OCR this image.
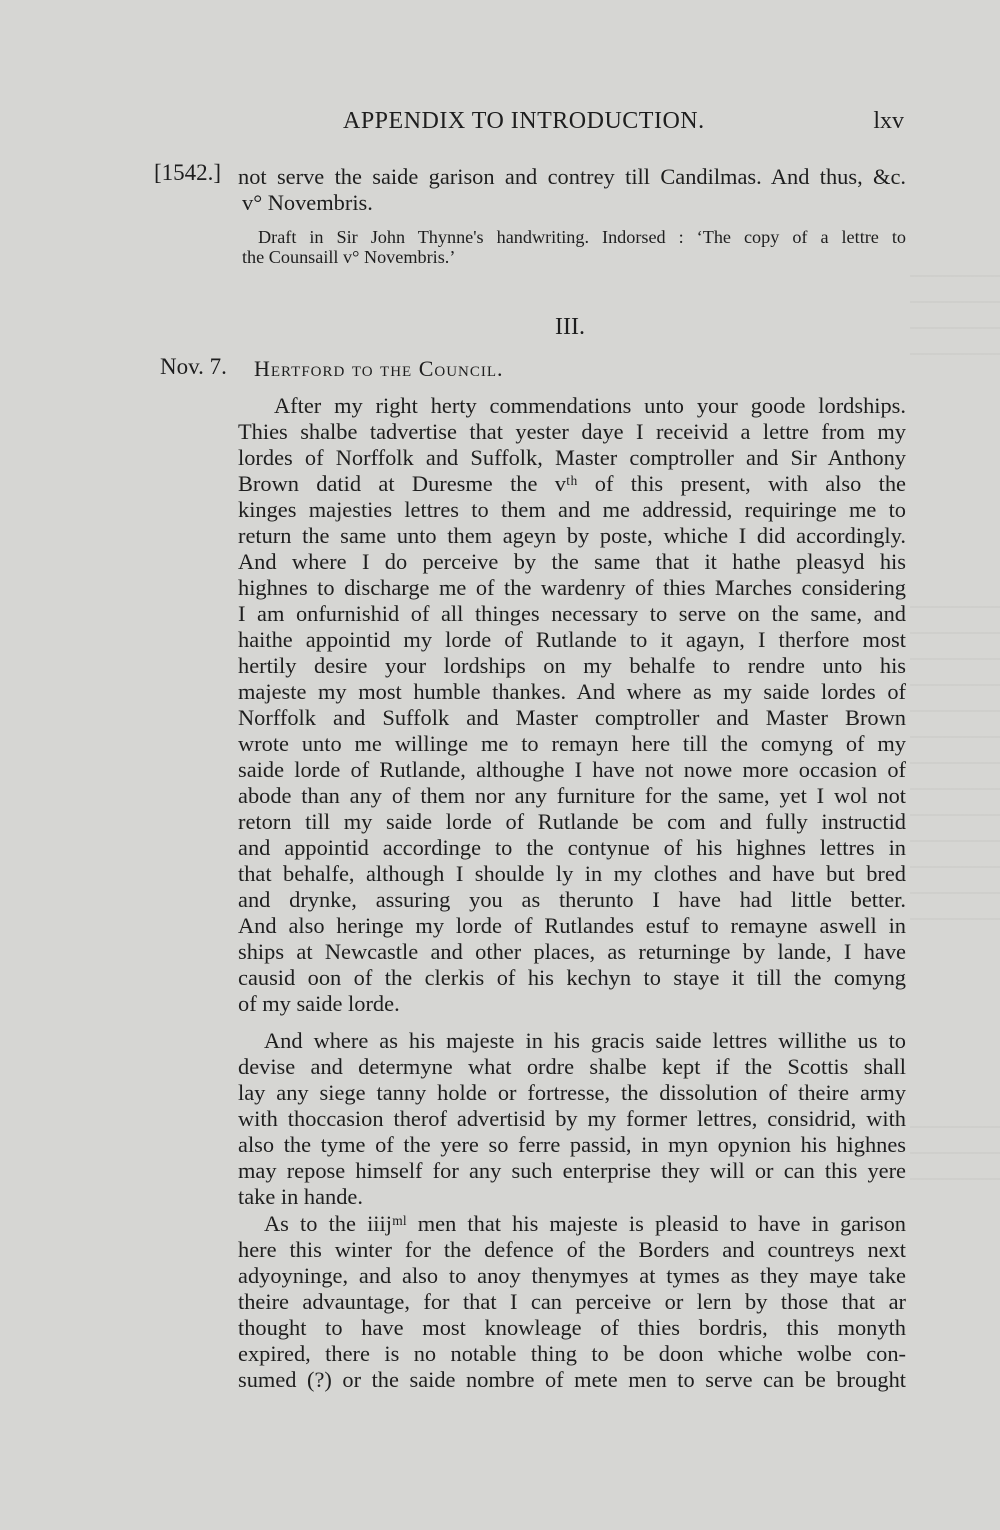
APPENDIX TO INTRODUCTION.	lxv
[1542.] not serve the saide garison and contrey till Candilmas. And thus, &c.
v° Novembris.
Draft in Sir John Thynne's handwriting. Indorsed : ‘The copy of a lettre to
the Counsaill v° Novembris.’
III.
Nov. 7. Hertford to the Council.
After my right herty commendations unto your goode lordships.
Thies shalbe tadvertise that yester daye I receivid a lettre from my
lordes of Norffolk and Suffolk, Master comptroller and Sir Anthony
Brown datid at Duresme the vᵗʰ of this present, with also the
kinges majesties lettres to them and me addressid, requiringe me to
return the same unto them ageyn by poste, whiche I did accordingly.
And where I do perceive by the same that it hathe pleasyd his
highnes to discharge me of the wardenry of thies Marches considering
I am onfurnishid of all thinges necessary to serve on the same, and
haithe appointid my lorde of Rutlande to it agayn, I therfore most
hertily desire your lordships on my behalfe to rendre unto his
majeste my most humble thankes. And where as my saide lordes of
Norffolk and Suffolk and Master comptroller and Master Brown
wrote unto me willinge me to remayn here till the comyng of my
saide lorde of Rutlande, althoughe I have not nowe more occasion of
abode than any of them nor any furniture for the same, yet I wol not
retorn till my saide lorde of Rutlande be com and fully instructid
and appointid accordinge to the contynue of his highnes lettres in
that behalfe, although I shoulde ly in my clothes and have but bred
and drynke, assuring you as therunto I have had little better.
And also heringe my lorde of Rutlandes estuf to remayne aswell in
ships at Newcastle and other places, as returninge by lande, I have
causid oon of the clerkis of his kechyn to staye it till the comyng
of my saide lorde.
And where as his majeste in his gracis saide lettres willithe us to
devise and determyne what ordre shalbe kept if the Scottis shall
lay any siege tanny holde or fortresse, the dissolution of theire army
with thoccasion therof advertisid by my former lettres, considrid, with
also the tyme of the yere so ferre passid, in myn opynion his highnes
may repose himself for any such enterprise they will or can this yere
take in hande.
As to the iiijᵐˡ men that his majeste is pleasid to have in garison
here this winter for the defence of the Borders and countreys next
adyoyninge, and also to anoy thenymyes at tymes as they maye take
theire advauntage, for that I can perceive or lern by those that ar
thought to have most knowleage of thies bordris, this monyth
expired, there is no notable thing to be doon whiche wolbe con-
sumed (?) or the saide nombre of mete men to serve can be brought
